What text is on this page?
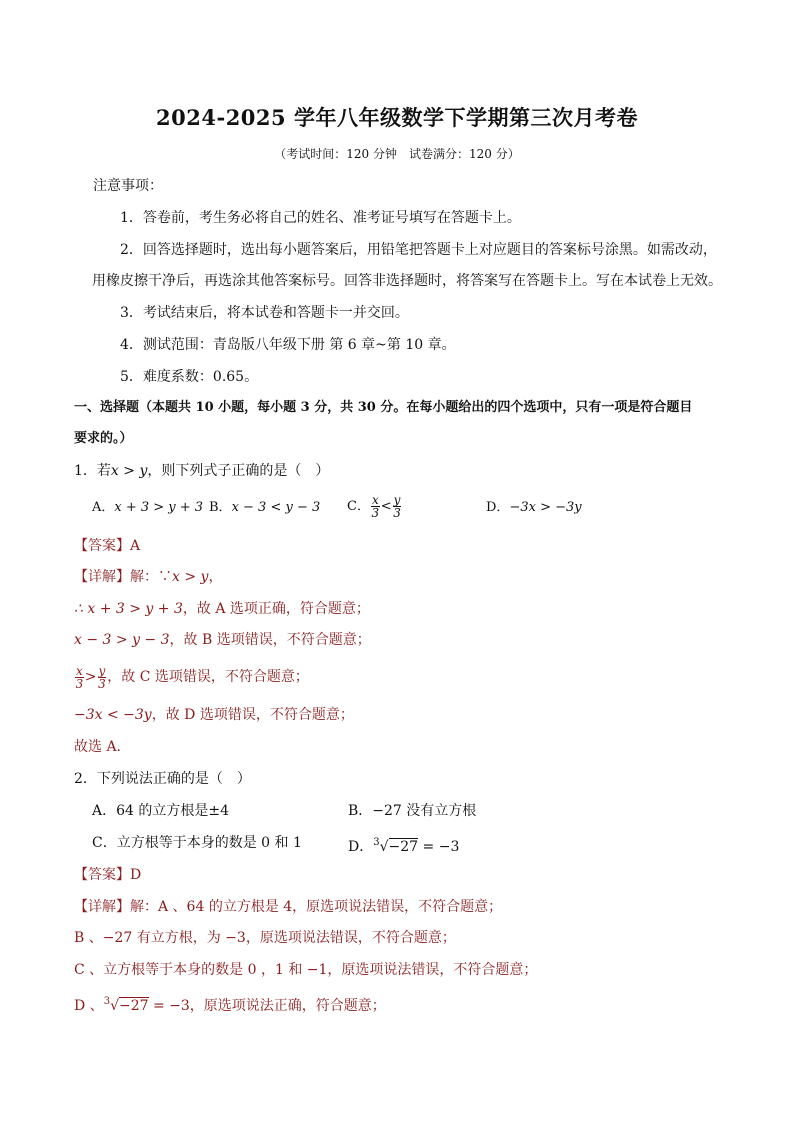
2024-2025 学年八年级数学下学期第三次月考卷
（考试时间：120 分钟　试卷满分：120 分）
注意事项：
1．答卷前，考生务必将自己的姓名、准考证号填写在答题卡上。
2．回答选择题时，选出每小题答案后，用铅笔把答题卡上对应题目的答案标号涂黑。如需改动，
用橡皮擦干净后，再选涂其他答案标号。回答非选择题时，将答案写在答题卡上。写在本试卷上无效。
3．考试结束后，将本试卷和答题卡一并交回。
4．测试范围：青岛版八年级下册 第 6 章~第 10 章。
5．难度系数：0.65。
一、选择题（本题共 10 小题，每小题 3 分，共 30 分。在每小题给出的四个选项中，只有一项是符合题目
要求的。）
1．若x > y，则下列式子正确的是（　）
A．x + 3 > y + 3 B．x − 3 < y − 3 C． $\frac{x}{3} < \frac{y}{3}$	D．−3x > −3y
【答案】A
【详解】解：∵x > y，
∴ x + 3 > y + 3，故 A 选项正确，符合题意；
x − 3 > y − 3，故 B 选项错误，不符合题意；
$\frac{x}{3} > \frac{y}{3}$ ，故 C 选项错误，不符合题意；
−3x < −3y，故 D 选项错误，不符合题意；
故选 A．
2．下列说法正确的是（　）
A．64 的立方根是±4	B．−27 没有立方根
C．立方根等于本身的数是 0 和 1	D．$^3$√−27 = −3
【答案】D
【详解】解：A 、64 的立方根是 4，原选项说法错误，不符合题意；
B 、−27 有立方根，为 −3，原选项说法错误，不符合题意；
C 、立方根等于本身的数是 0 ，1 和 −1，原选项说法错误，不符合题意；
D 、$^3$√−27 = −3，原选项说法正确，符合题意；
